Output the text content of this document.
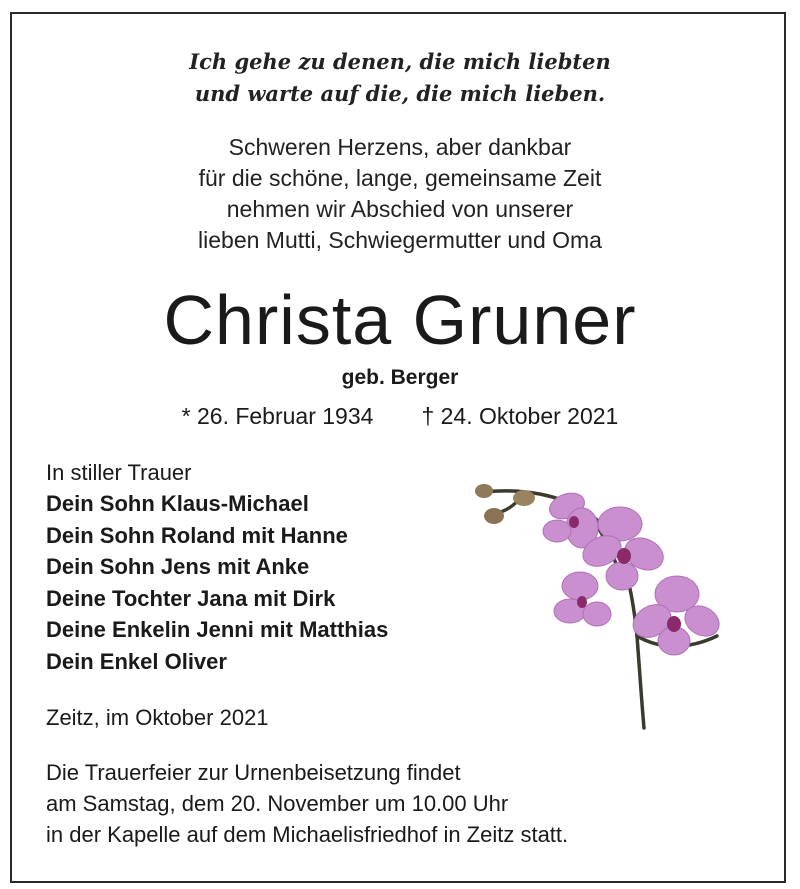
Ich gehe zu denen, die mich liebten
und warte auf die, die mich lieben.
Schweren Herzens, aber dankbar
für die schöne, lange, gemeinsame Zeit
nehmen wir Abschied von unserer
lieben Mutti, Schwiegermutter und Oma
Christa Gruner
geb. Berger
* 26. Februar 1934 † 24. Oktober 2021
In stiller Trauer
Dein Sohn Klaus-Michael
Dein Sohn Roland mit Hanne
Dein Sohn Jens mit Anke
Deine Tochter Jana mit Dirk
Deine Enkelin Jenni mit Matthias
Dein Enkel Oliver
Zeitz, im Oktober 2021
Die Trauerfeier zur Urnenbeisetzung findet
am Samstag, dem 20. November um 10.00 Uhr
in der Kapelle auf dem Michaelisfriedhof in Zeitz statt.
